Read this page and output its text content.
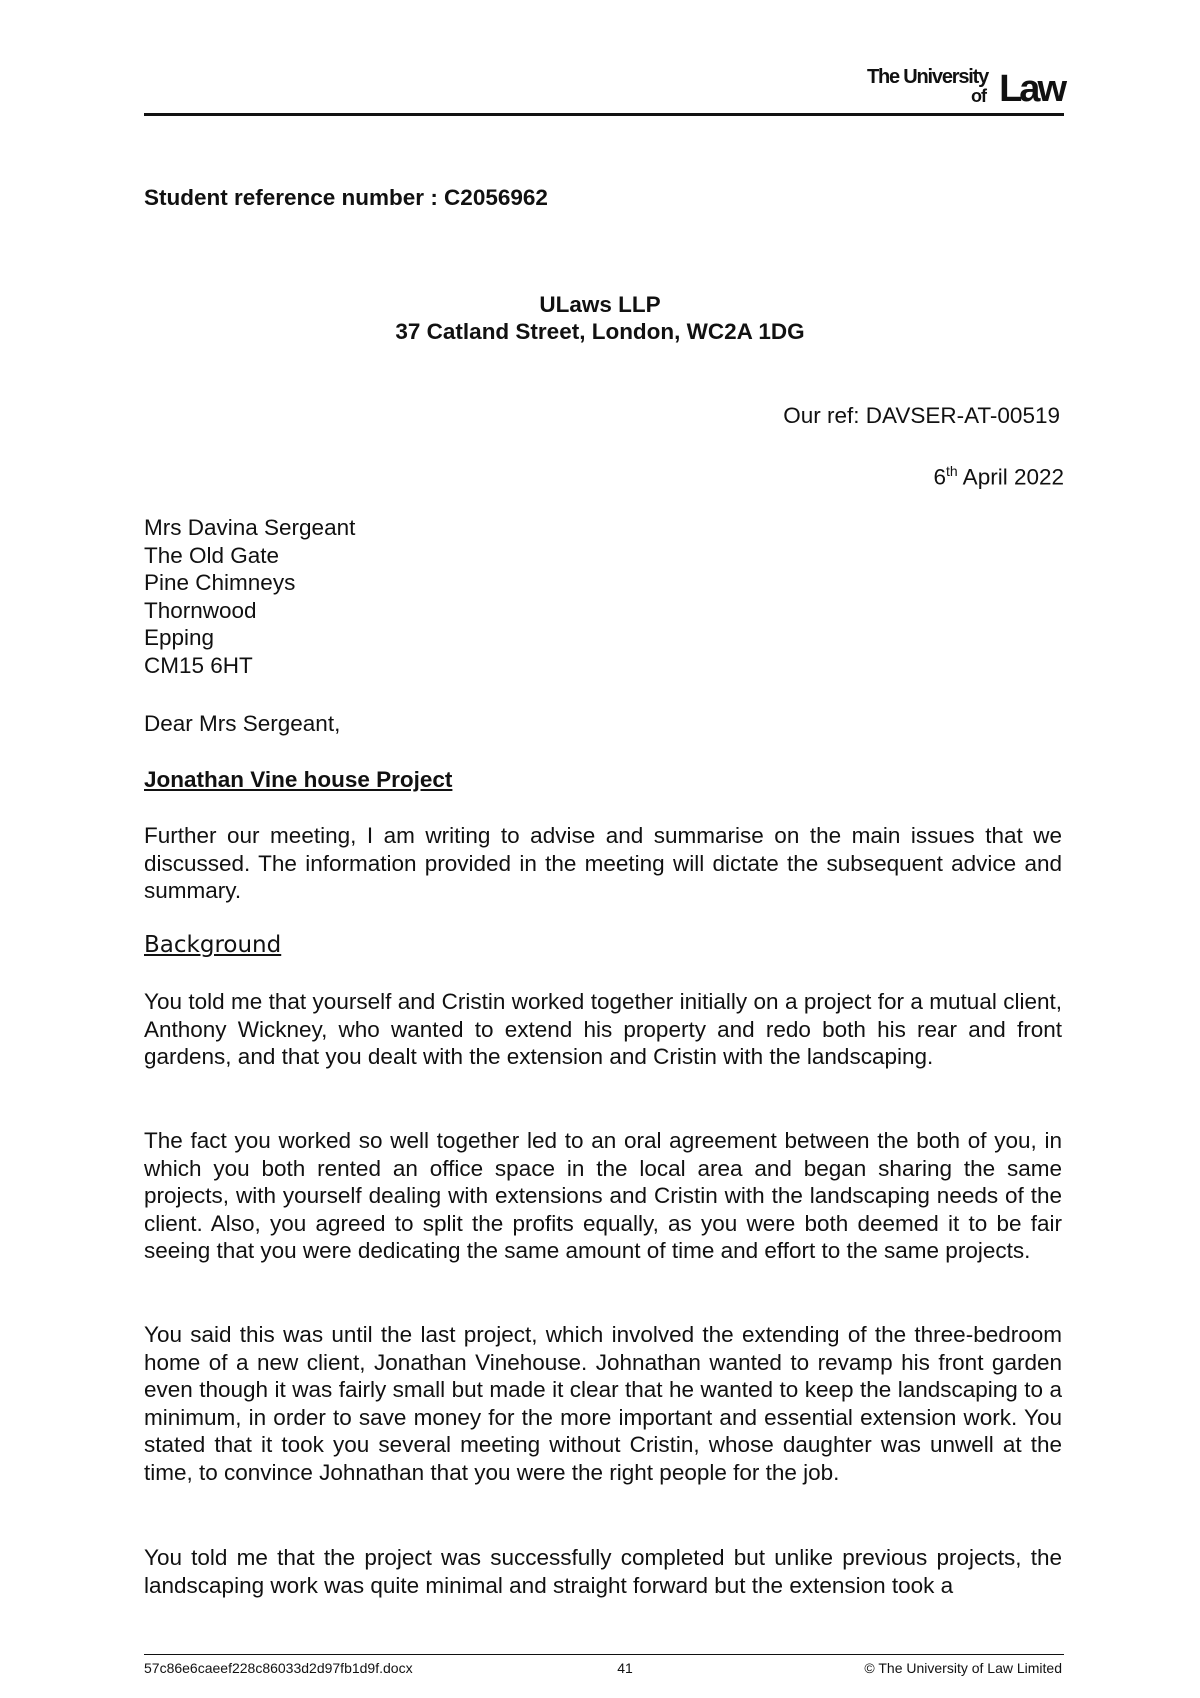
The University
of Law
Student reference number : C2056962
ULaws LLP
37 Catland Street, London, WC2A 1DG
Our ref: DAVSER-AT-00519
6th April 2022
Mrs Davina Sergeant
The Old Gate
Pine Chimneys
Thornwood
Epping
CM15 6HT
Dear Mrs Sergeant,
Jonathan Vine house Project
Further our meeting, I am writing to advise and summarise on the main issues that we discussed. The information provided in the meeting will dictate the subsequent advice and summary.
Background
You told me that yourself and Cristin worked together initially on a project for a mutual client, Anthony Wickney, who wanted to extend his property and redo both his rear and front gardens, and that you dealt with the extension and Cristin with the landscaping.
The fact you worked so well together led to an oral agreement between the both of you, in which you both rented an office space in the local area and began sharing the same projects, with yourself dealing with extensions and Cristin with the landscaping needs of the client. Also, you agreed to split the profits equally, as you were both deemed it to be fair seeing that you were dedicating the same amount of time and effort to the same projects.
You said this was until the last project, which involved the extending of the three-bedroom home of a new client, Jonathan Vinehouse. Johnathan wanted to revamp his front garden even though it was fairly small but made it clear that he wanted to keep the landscaping to a minimum, in order to save money for the more important and essential extension work. You stated that it took you several meeting without Cristin, whose daughter was unwell at the time, to convince Johnathan that you were the right people for the job.
You told me that the project was successfully completed but unlike previous projects, the landscaping work was quite minimal and straight forward but the extension took a
57c86e6caeef228c86033d2d97fb1d9f.docx	41	© The University of Law Limited
